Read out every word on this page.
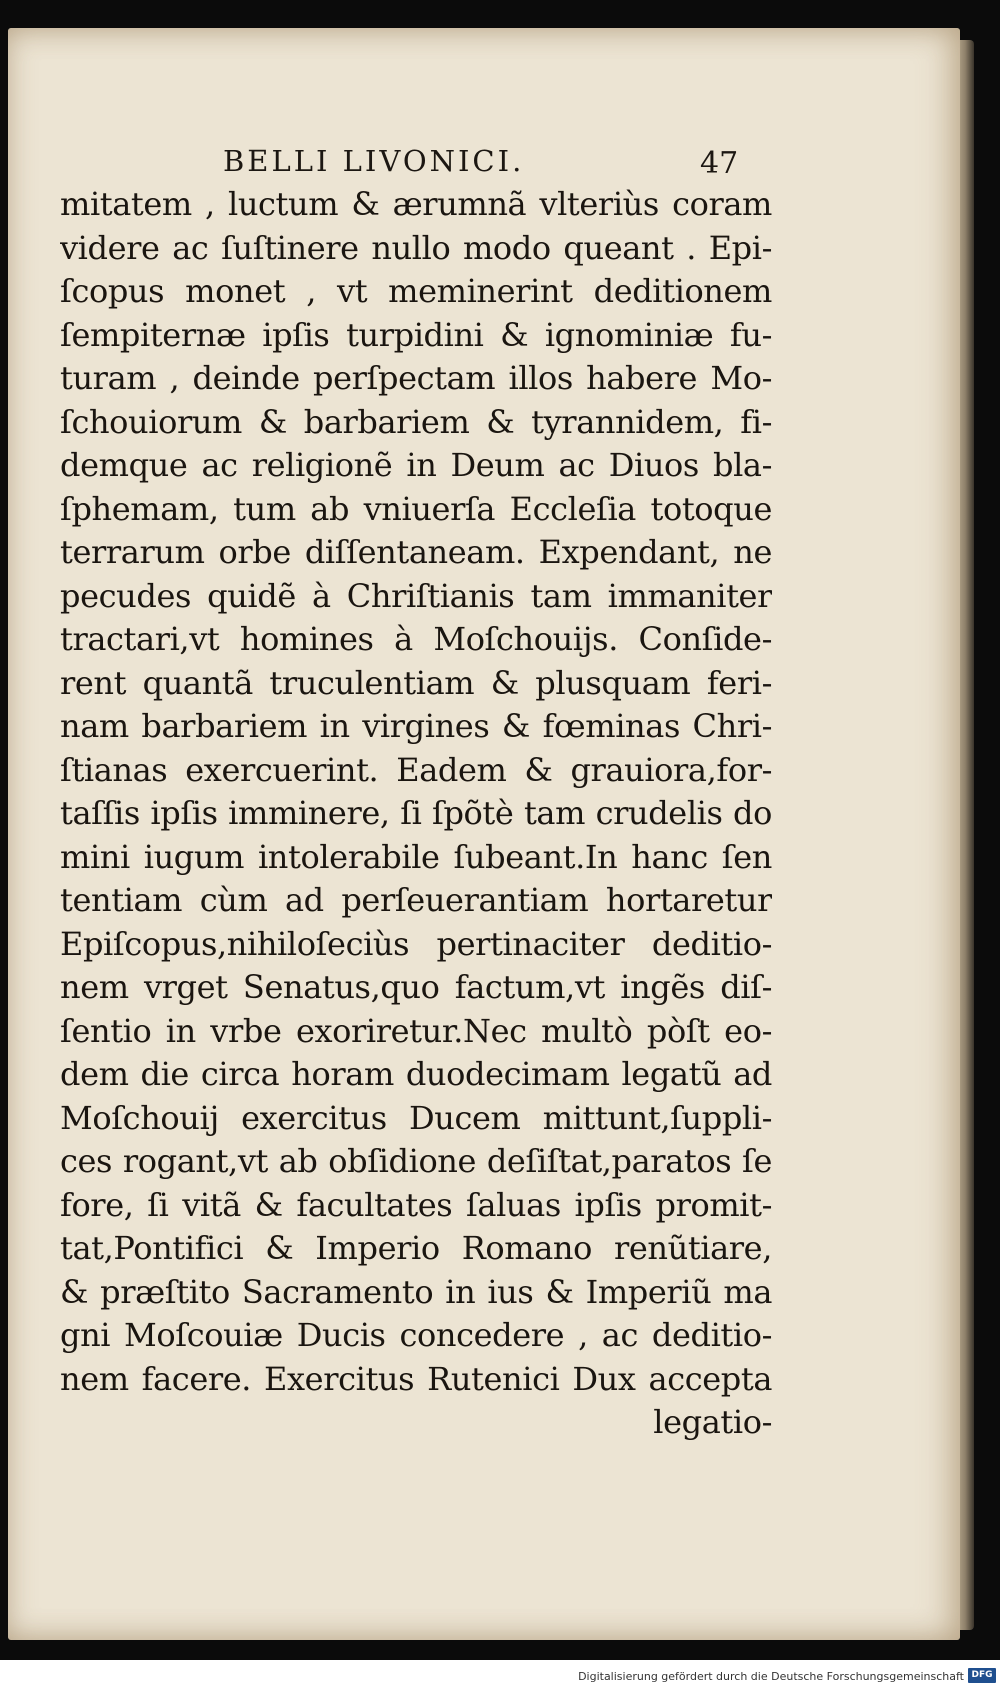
BELLI LIVONICI.	47
mitatem , luctum & ærumnã vlteriùs coram
videre ac ſuſtinere nullo modo queant . Epi-
ſcopus monet , vt meminerint deditionem
ſempiternæ ipſis turpidini & ignominiæ fu-
turam , deinde perſpectam illos habere Mo-
ſchouiorum & barbariem & tyrannidem, fi-
demque ac religionẽ in Deum ac Diuos bla-
ſphemam, tum ab vniuerſa Eccleſia totoque
terrarum orbe diſſentaneam. Expendant, ne
pecudes quidẽ à Chriſtianis tam immaniter
tractari,vt homines à Moſchouijs. Conſide-
rent quantã truculentiam & plusquam feri-
nam barbariem in virgines & fœminas Chri-
ſtianas exercuerint. Eadem & grauiora,for-
taſſis ipſis imminere, ſi ſpõtè tam crudelis do
mini iugum intolerabile ſubeant.In hanc ſen
tentiam cùm ad perſeuerantiam hortaretur
Epiſcopus,nihiloſeciùs pertinaciter deditio-
nem vrget Senatus,quo factum,vt ingẽs diſ-
ſentio in vrbe exoriretur.Nec multò pòſt eo-
dem die circa horam duodecimam legatũ ad
Moſchouij exercitus Ducem mittunt,ſuppli-
ces rogant,vt ab obſidione deſiſtat,paratos ſe
fore, ſi vitã & facultates ſaluas ipſis promit-
tat,Pontifici & Imperio Romano renũtiare,
& præſtito Sacramento in ius & Imperiũ ma
gni Moſcouiæ Ducis concedere , ac deditio-
nem facere. Exercitus Rutenici Dux accepta
legatio-
Digitalisierung gefördert durch die Deutsche Forschungsgemeinschaft DFG
